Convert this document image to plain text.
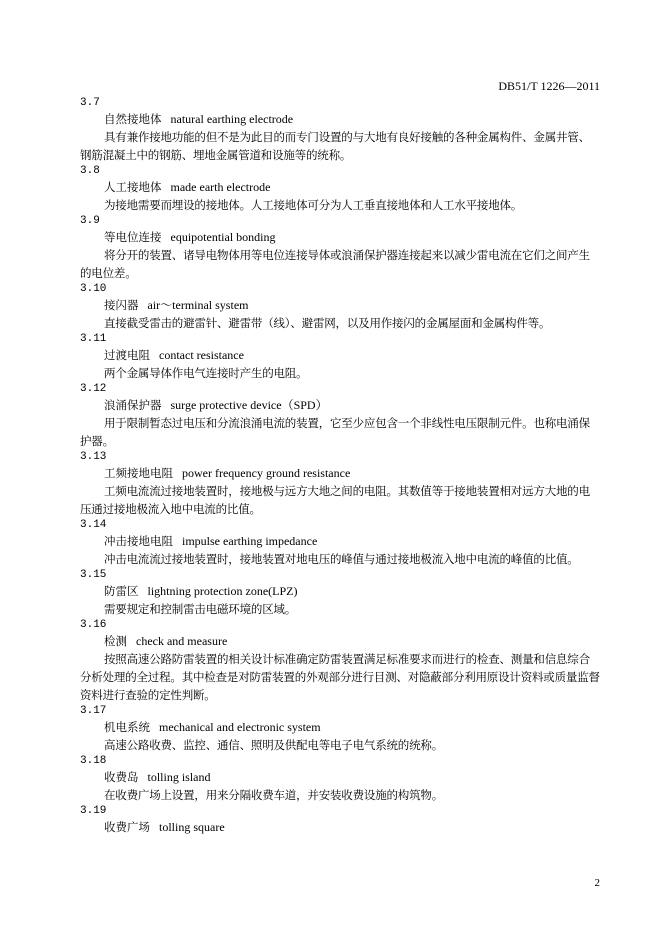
DB51/T 1226—2011
3.7
自然接地体 natural earthing electrode
具有兼作接地功能的但不是为此目的而专门设置的与大地有良好接触的各种金属构件、金属井管、钢筋混凝土中的钢筋、埋地金属管道和设施等的统称。
3.8
人工接地体 made earth electrode
为接地需要而埋设的接地体。人工接地体可分为人工垂直接地体和人工水平接地体。
3.9
等电位连接 equipotential bonding
将分开的装置、诸导电物体用等电位连接导体或浪涌保护器连接起来以减少雷电流在它们之间产生的电位差。
3.10
接闪器 air～terminal system
直接截受雷击的避雷针、避雷带（线）、避雷网，以及用作接闪的金属屋面和金属构件等。
3.11
过渡电阻 contact resistance
两个金属导体作电气连接时产生的电阻。
3.12
浪涌保护器 surge protective device（SPD）
用于限制暂态过电压和分流浪涌电流的装置，它至少应包含一个非线性电压限制元件。也称电涌保护器。
3.13
工频接地电阻 power frequency ground resistance
工频电流流过接地装置时，接地极与远方大地之间的电阻。其数值等于接地装置相对远方大地的电压通过接地极流入地中电流的比值。
3.14
冲击接地电阻 impulse earthing impedance
冲击电流流过接地装置时，接地装置对地电压的峰值与通过接地极流入地中电流的峰值的比值。
3.15
防雷区 lightning protection zone(LPZ)
需要规定和控制雷击电磁环境的区域。
3.16
检测 check and measure
按照高速公路防雷装置的相关设计标准确定防雷装置满足标准要求而进行的检查、测量和信息综合分析处理的全过程。其中检查是对防雷装置的外观部分进行目测、对隐蔽部分利用原设计资料或质量监督资料进行查验的定性判断。
3.17
机电系统 mechanical and electronic system
高速公路收费、监控、通信、照明及供配电等电子电气系统的统称。
3.18
收费岛 tolling island
在收费广场上设置，用来分隔收费车道，并安装收费设施的构筑物。
3.19
收费广场 tolling square
2
